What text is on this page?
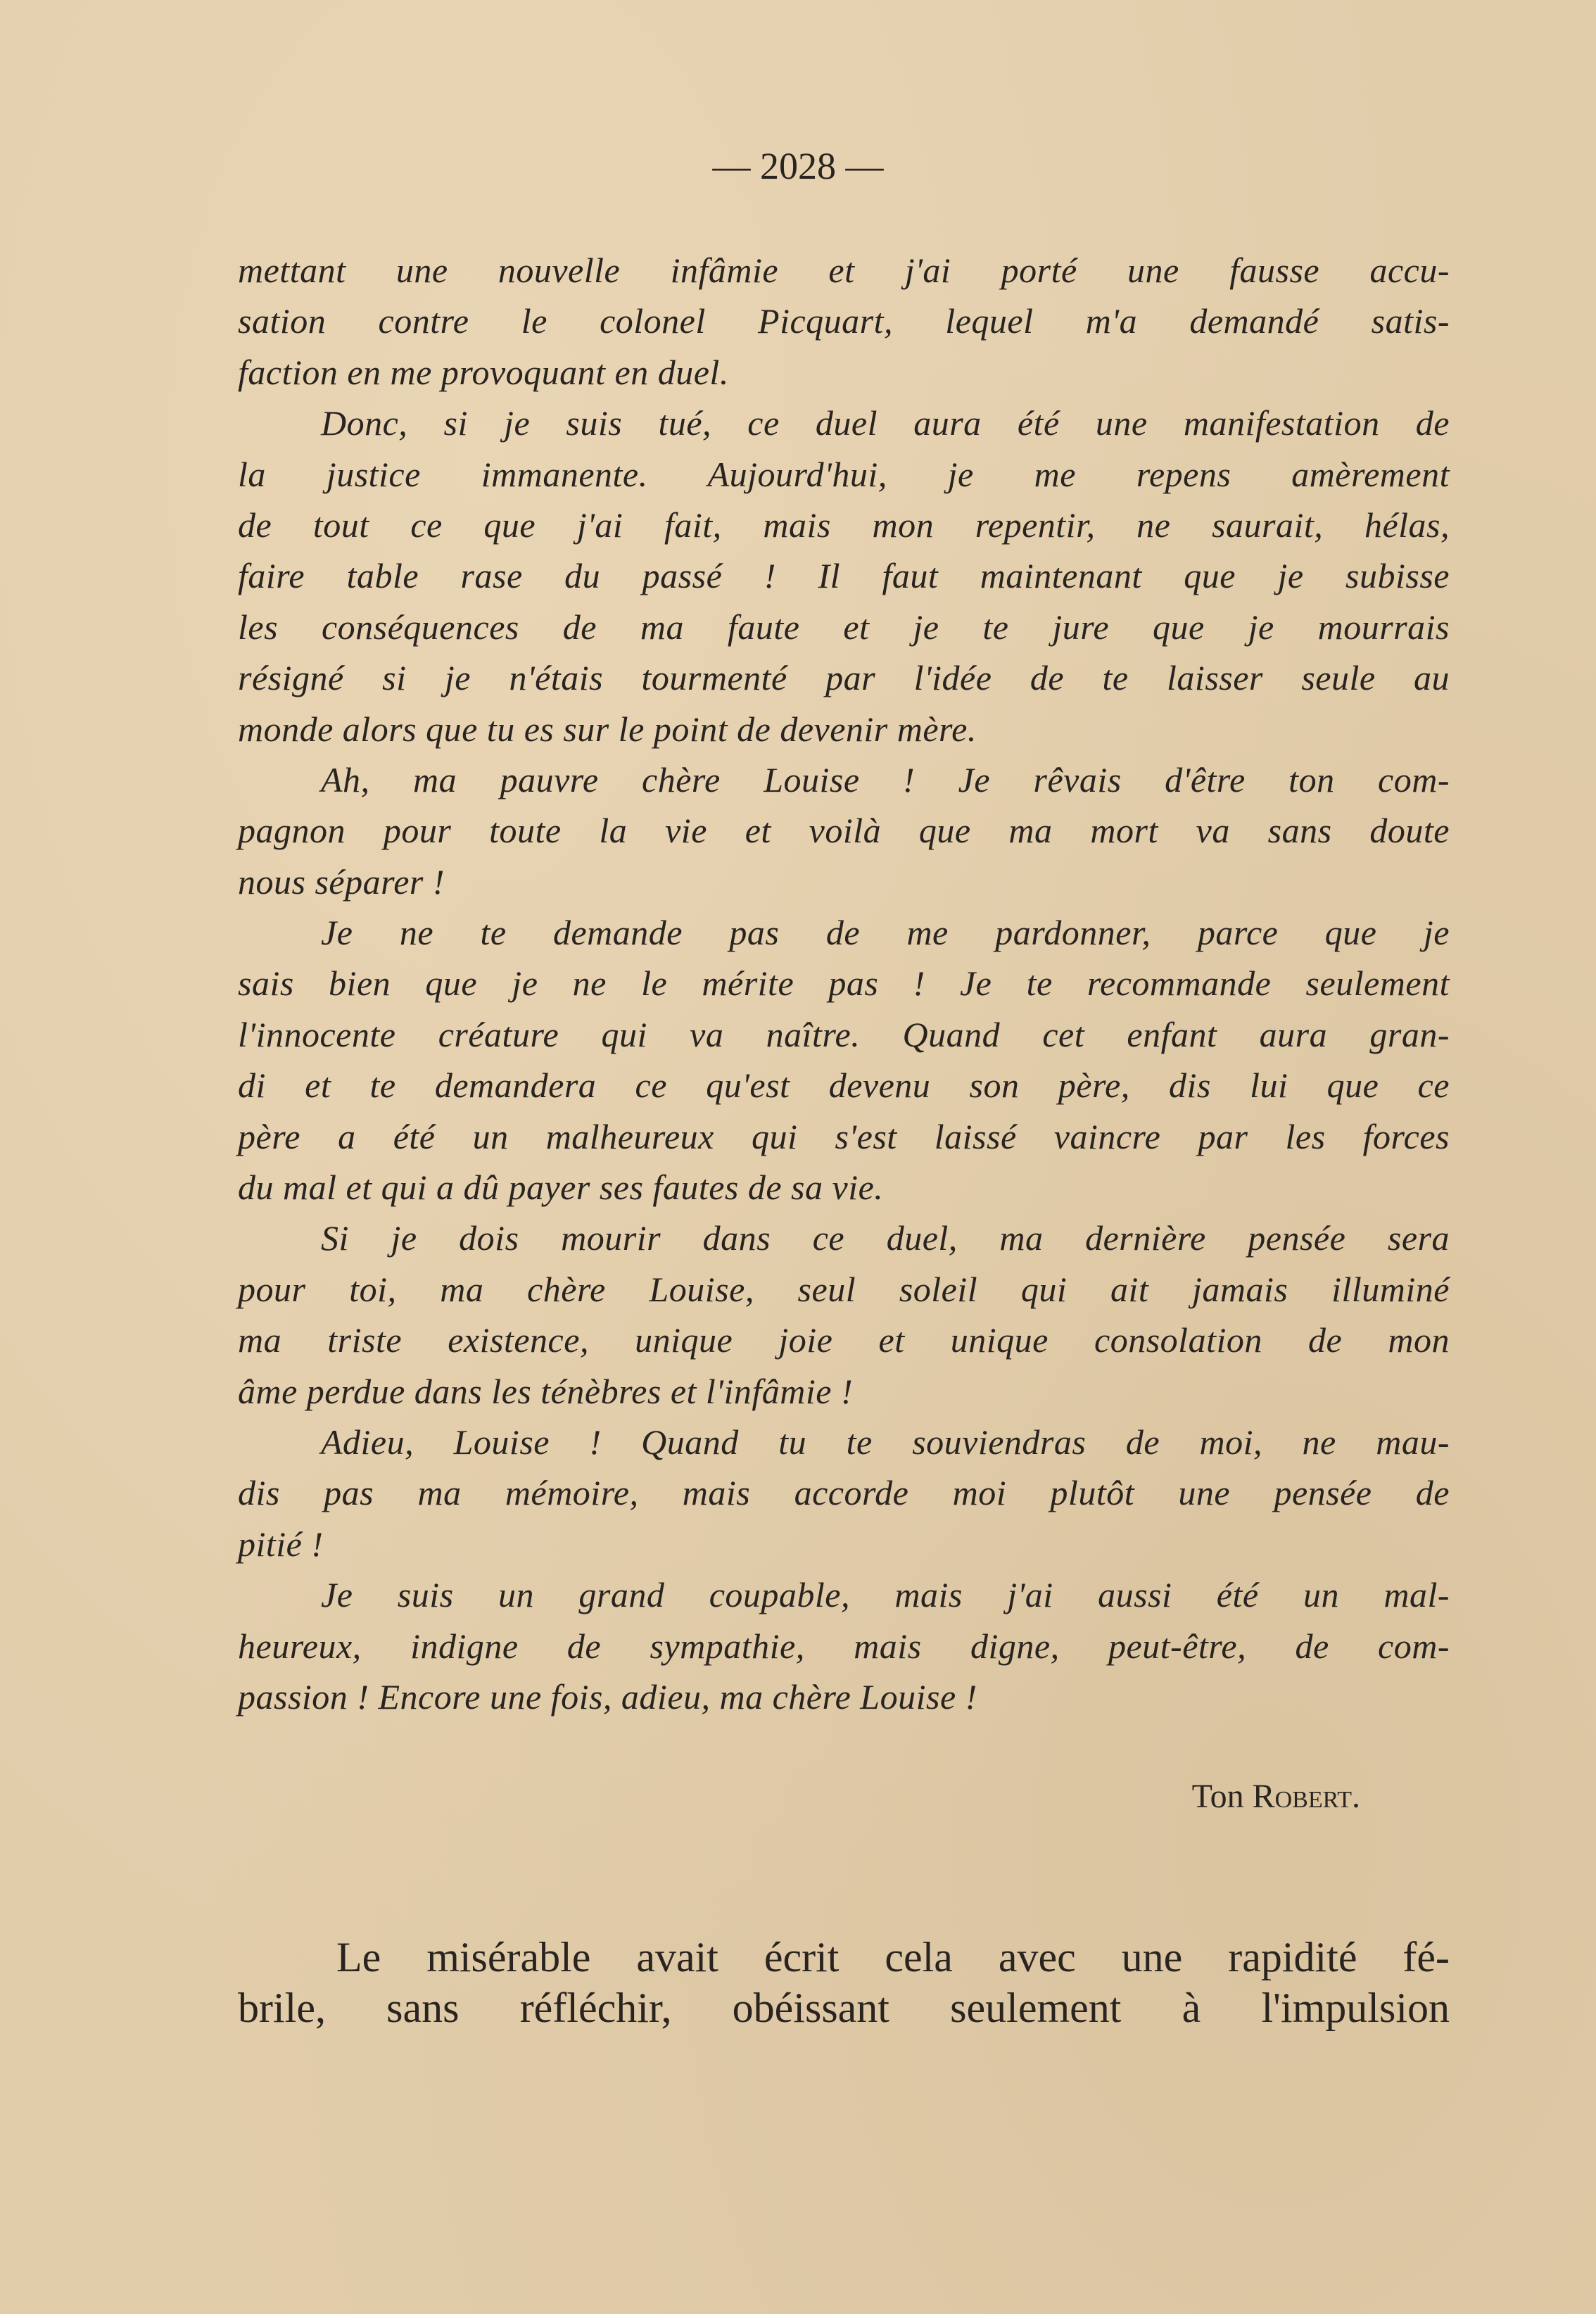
— 2028 —
mettant une nouvelle infâmie et j'ai porté une fausse accu-
sation contre le colonel Picquart, lequel m'a demandé satis-
faction en me provoquant en duel.
Donc, si je suis tué, ce duel aura été une manifestation de
la justice immanente. Aujourd'hui, je me repens amèrement
de tout ce que j'ai fait, mais mon repentir, ne saurait, hélas,
faire table rase du passé ! Il faut maintenant que je subisse
les conséquences de ma faute et je te jure que je mourrais
résigné si je n'étais tourmenté par l'idée de te laisser seule au
monde alors que tu es sur le point de devenir mère.
Ah, ma pauvre chère Louise ! Je rêvais d'être ton com-
pagnon pour toute la vie et voilà que ma mort va sans doute
nous séparer !
Je ne te demande pas de me pardonner, parce que je
sais bien que je ne le mérite pas ! Je te recommande seulement
l'innocente créature qui va naître. Quand cet enfant aura gran-
di et te demandera ce qu'est devenu son père, dis lui que ce
père a été un malheureux qui s'est laissé vaincre par les forces
du mal et qui a dû payer ses fautes de sa vie.
Si je dois mourir dans ce duel, ma dernière pensée sera
pour toi, ma chère Louise, seul soleil qui ait jamais illuminé
ma triste existence, unique joie et unique consolation de mon
âme perdue dans les ténèbres et l'infâmie !
Adieu, Louise ! Quand tu te souviendras de moi, ne mau-
dis pas ma mémoire, mais accorde moi plutôt une pensée de
pitié !
Je suis un grand coupable, mais j'ai aussi été un mal-
heureux, indigne de sympathie, mais digne, peut-être, de com-
passion ! Encore une fois, adieu, ma chère Louise !
Ton Robert.
Le misérable avait écrit cela avec une rapidité fé-
brile, sans réfléchir, obéissant seulement à l'impulsion
